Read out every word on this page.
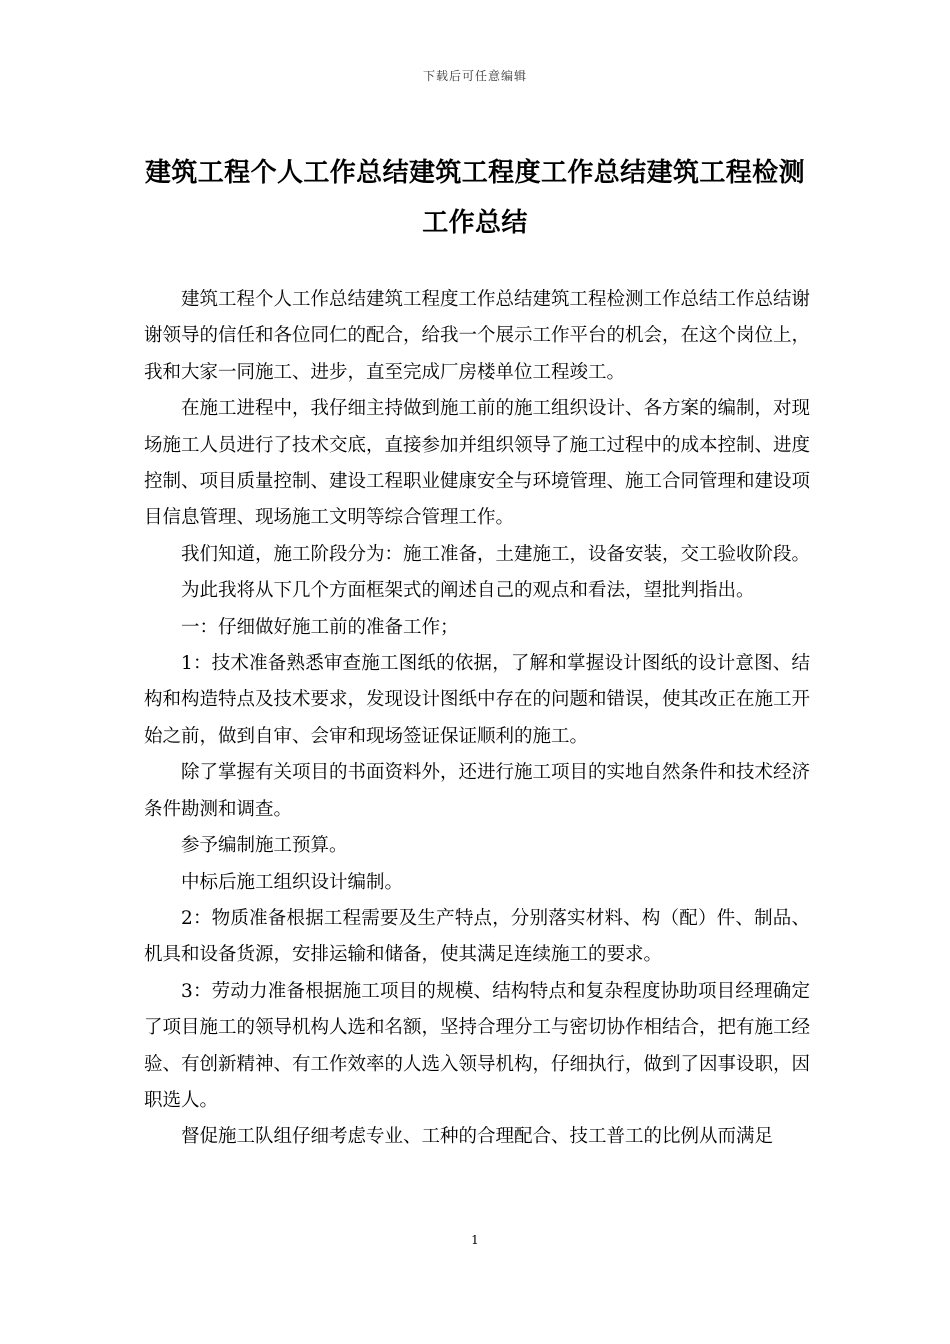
下载后可任意编辑
建筑工程个人工作总结建筑工程度工作总结建筑工程检测工作总结

建筑工程个人工作总结建筑工程度工作总结建筑工程检测工作总结工作总结谢谢领导的信任和各位同仁的配合，给我一个展示工作平台的机会，在这个岗位上，我和大家一同施工、进步，直至完成厂房楼单位工程竣工。

在施工进程中，我仔细主持做到施工前的施工组织设计、各方案的编制，对现场施工人员进行了技术交底，直接参加并组织领导了施工过程中的成本控制、进度控制、项目质量控制、建设工程职业健康安全与环境管理、施工合同管理和建设项目信息管理、现场施工文明等综合管理工作。

我们知道，施工阶段分为：施工准备，土建施工，设备安装，交工验收阶段。

为此我将从下几个方面框架式的阐述自己的观点和看法，望批判指出。

一：仔细做好施工前的准备工作；

1：技术准备熟悉审查施工图纸的依据，了解和掌握设计图纸的设计意图、结构和构造特点及技术要求，发现设计图纸中存在的问题和错误，使其改正在施工开始之前，做到自审、会审和现场签证保证顺利的施工。

除了掌握有关项目的书面资料外，还进行施工项目的实地自然条件和技术经济条件勘测和调查。

参予编制施工预算。

中标后施工组织设计编制。

2：物质准备根据工程需要及生产特点，分别落实材料、构（配）件、制品、机具和设备货源，安排运输和储备，使其满足连续施工的要求。

3：劳动力准备根据施工项目的规模、结构特点和复杂程度协助项目经理确定了项目施工的领导机构人选和名额，坚持合理分工与密切协作相结合，把有施工经验、有创新精神、有工作效率的人选入领导机构，仔细执行，做到了因事设职，因职选人。

督促施工队组仔细考虑专业、工种的合理配合、技工普工的比例从而满足

1
